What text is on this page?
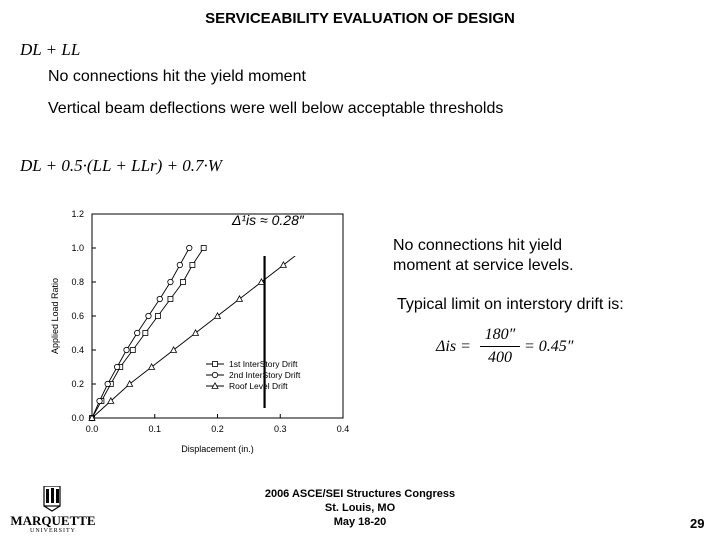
SERVICEABILITY EVALUATION OF DESIGN
DL + LL
No connections hit the yield moment
Vertical beam deflections were well below acceptable thresholds
DL + 0.5·(LL + LLr) + 0.7·W
No connections hit yield
moment at service levels.
Typical limit on interstory drift is:
Δis =
180″
400
= 0.45″
0.0
0.2
0.4
0.6
0.8
1.0
1.2
0.0	0.1	0.2	0.3	0.4
Displacement (in.)
Applied Load Ratio
1st InterStory Drift
2nd InterStory Drift
Roof Level Drift
Δ¹is ≈ 0.28″
2006 ASCE/SEI Structures Congress
St. Louis, MO
May 18-20	29
MARQUETTE
UNIVERSITY
